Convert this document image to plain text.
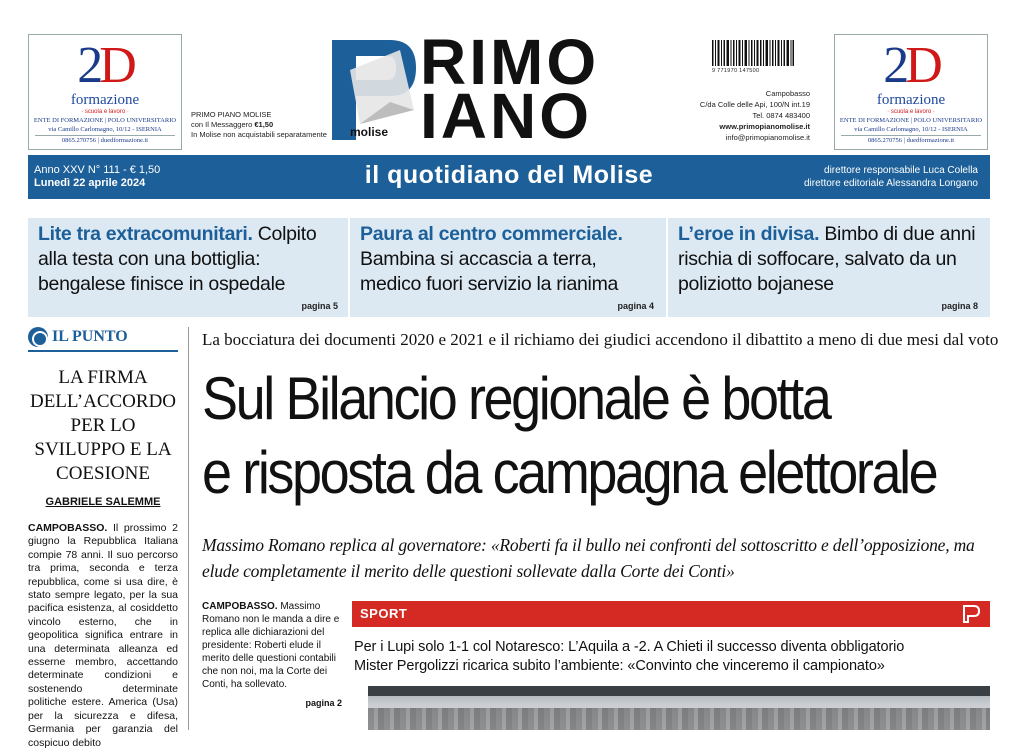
2D
formazione
· scuola e lavoro ·
ENTE DI FORMAZIONE | POLO UNIVERSITARIO
via Camillo Carlomagno, 10/12 - ISERNIA
0865.270756 | duedformazione.it
PRIMO PIANO MOLISE
con Il Messaggero €1,50
In Molise non acquistabili separatamente
RIMO
IANO
molise
9 771970 147500
Campobasso
C/da Colle delle Api, 100/N int.19
Tel. 0874 483400
www.primopianomolise.it
info@primopianomolise.it
2D
formazione
· scuola e lavoro ·
ENTE DI FORMAZIONE | POLO UNIVERSITARIO
via Camillo Carlomagno, 10/12 - ISERNIA
0865.270756 | duedformazione.it
Anno XXV N° 111 - € 1,50
Lunedì 22 aprile 2024	il quotidiano del Molise	direttore responsabile Luca Colella
direttore editoriale Alessandra Longano
Lite tra extracomunitari. Colpito alla testa con una bottiglia: bengalese finisce in ospedale
pagina 5
Paura al centro commerciale. Bambina si accascia a terra, medico fuori servizio la rianima
pagina 4
L’eroe in divisa. Bimbo di due anni rischia di soffocare, salvato da un poliziotto bojanese
pagina 8
IL PUNTO
LA FIRMA DELL’ACCORDO PER LO SVILUPPO E LA COESIONE
GABRIELE SALEMME
CAMPOBASSO. Il prossimo 2 giugno la Repubblica Italiana compie 78 anni. Il suo percorso tra prima, seconda e terza repubblica, come si usa dire, è stato sempre legato, per la sua pacifica esistenza, al cosiddetto vincolo esterno, che in geopolitica significa entrare in una determinata alleanza ed esserne membro, accettando determinate condizioni e sostenendo determinate politiche estere. America (Usa) per la sicurezza e difesa, Germania per garanzia del cospicuo debito
La bocciatura dei documenti 2020 e 2021 e il richiamo dei giudici accendono il dibattito a meno di due mesi dal voto
Sul Bilancio regionale è botta
e risposta da campagna elettorale
Massimo Romano replica al governatore: «Roberti fa il bullo nei confronti del sottoscritto e dell’opposizione, ma elude completamente il merito delle questioni sollevate dalla Corte dei Conti»
CAMPOBASSO. Massimo Romano non le manda a dire e replica alle dichiarazioni del presidente: Roberti elude il merito delle questioni contabili che non noi, ma la Corte dei Conti, ha sollevato.
pagina 2
SPORT
Per i Lupi solo 1-1 col Notaresco: L’Aquila a -2. A Chieti il successo diventa obbligatorio
Mister Pergolizzi ricarica subito l’ambiente: «Convinto che vinceremo il campionato»
